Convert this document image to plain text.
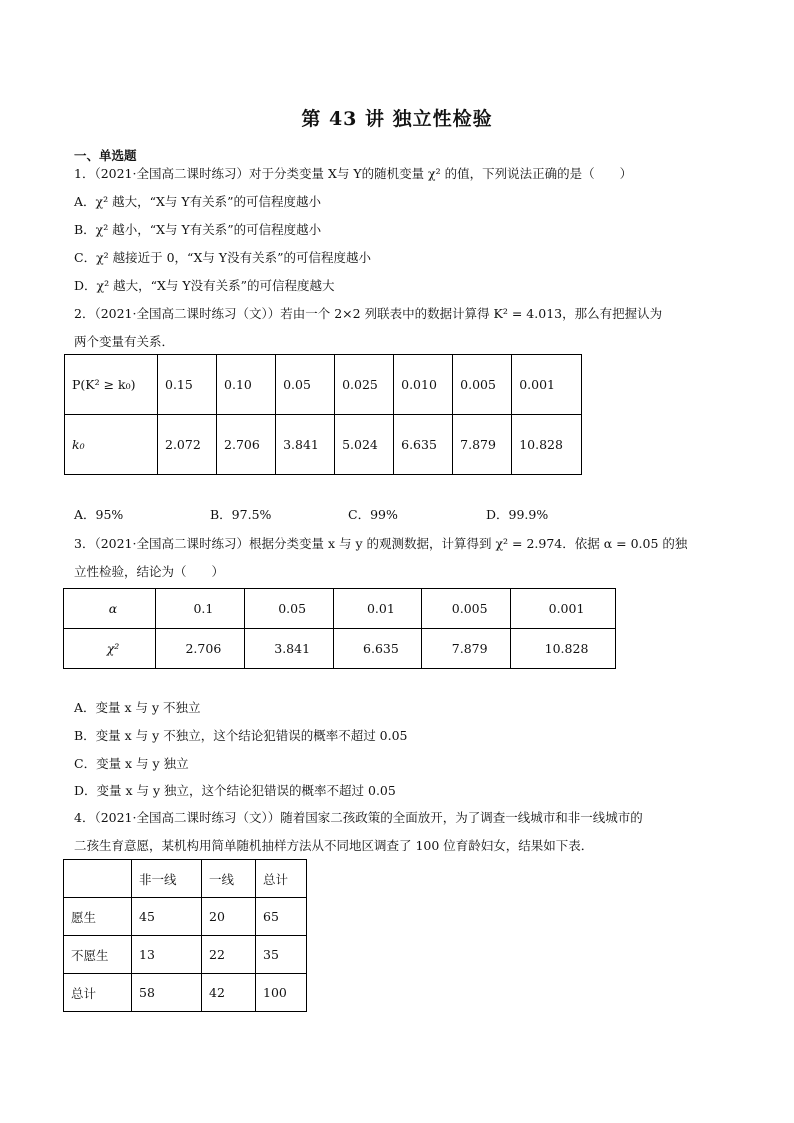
第 43 讲 独立性检验
一、单选题
1．（2021·全国高二课时练习）对于分类变量 X与 Y的随机变量 χ² 的值，下列说法正确的是（　　）
A．χ² 越大，“X与 Y有关系”的可信程度越小
B．χ² 越小，“X与 Y有关系”的可信程度越小
C．χ² 越接近于 0，“X与 Y没有关系”的可信程度越小
D．χ² 越大，“X与 Y没有关系”的可信程度越大
2．（2021·全国高二课时练习（文））若由一个 2×2 列联表中的数据计算得 K² = 4.013，那么有把握认为
两个变量有关系．
P(K² ≥ k₀)	0.15	0.10	0.05	0.025	0.010	0.005	0.001
k₀	2.072	2.706	3.841	5.024	6.635	7.879	10.828
A．95%	B．97.5%	C．99%	D．99.9%
3．（2021·全国高二课时练习）根据分类变量 x 与 y 的观测数据，计算得到 χ² = 2.974．依据 α = 0.05 的独
立性检验，结论为（　　）
α	0.1	0.05	0.01	0.005	0.001
χ²	2.706	3.841	6.635	7.879	10.828
A．变量 x 与 y 不独立
B．变量 x 与 y 不独立，这个结论犯错误的概率不超过 0.05
C．变量 x 与 y 独立
D．变量 x 与 y 独立，这个结论犯错误的概率不超过 0.05
4．（2021·全国高二课时练习（文））随着国家二孩政策的全面放开，为了调查一线城市和非一线城市的
二孩生育意愿，某机构用简单随机抽样方法从不同地区调查了 100 位育龄妇女，结果如下表．
	非一线	一线	总计
愿生	45	20	65
不愿生	13	22	35
总计	58	42	100
